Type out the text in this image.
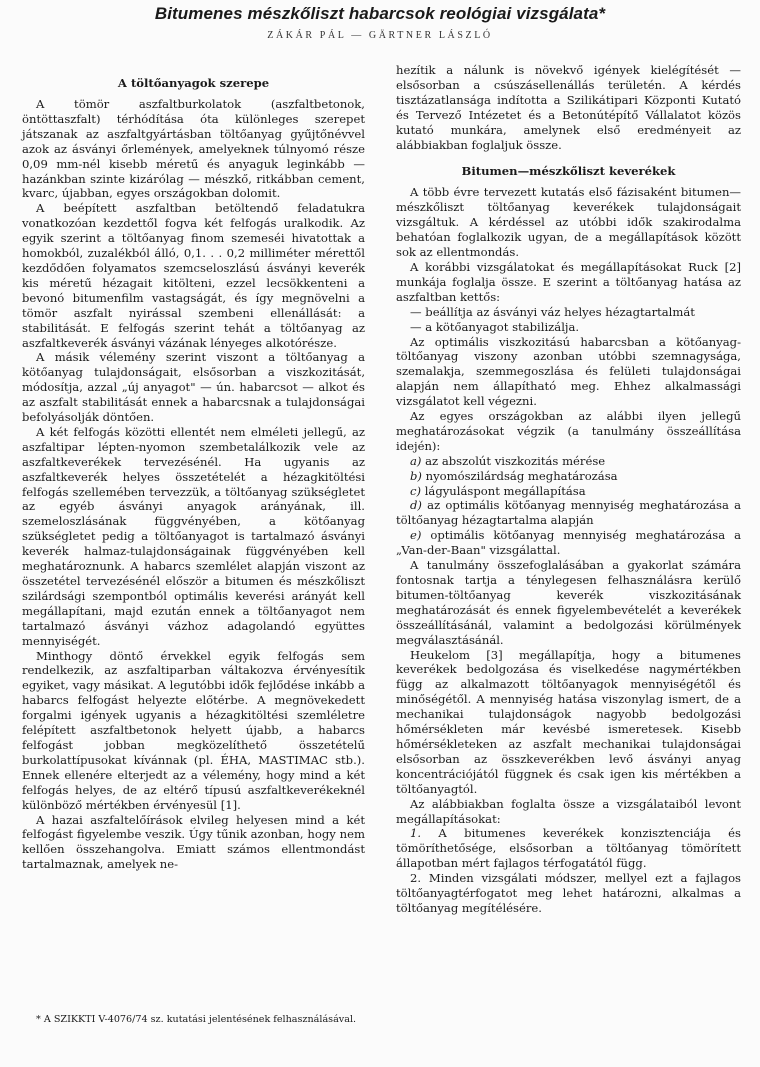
Bitumenes mészkőliszt habarcsok reológiai vizsgálata*
ZÁKÁR PÁL — GÄRTNER LÁSZLÓ
A töltőanyagok szerepe

A tömör aszfaltburkolatok (aszfaltbetonok, öntöttaszfalt) térhódítása óta különleges szerepet játszanak az aszfaltgyártásban töltőanyag gyűjtőnévvel azok az ásványi őrlemények, amelyeknek túlnyomó része 0,09 mm-nél kisebb méretű és anyaguk leginkább — hazánkban szinte kizárólag — mészkő, ritkábban cement, kvarc, újabban, egyes országokban dolomit.

A beépített aszfaltban betöltendő feladatukra vonatkozóan kezdettől fogva két felfogás uralkodik. Az egyik szerint a töltőanyag finom szemeséi hivatottak a homokból, zuzalékból álló, 0,1. . . 0,2 milliméter mérettől kezdődően folyamatos szemcseloszlású ásványi keverék kis méretű hézagait kitölteni, ezzel lecsökkenteni a bevonó bitumenfilm vastagságát, és így megnövelni a tömör aszfalt nyirással szembeni ellenállását: a stabilitását. E felfogás szerint tehát a töltőanyag az aszfaltkeverék ásványi vázának lényeges alkotórésze.

A másik vélemény szerint viszont a töltőanyag a kötőanyag tulajdonságait, elsősorban a viszkozitását, módosítja, azzal „új anyagot" — ún. habarcsot — alkot és az aszfalt stabilitását ennek a habarcsnak a tulajdonságai befolyásolják döntően.

A két felfogás közötti ellentét nem elméleti jellegű, az aszfaltipar lépten-nyomon szembetalálkozik vele az aszfaltkeverékek tervezésénél. Ha ugyanis az aszfaltkeverék helyes összetételét a hézagkitöltési felfogás szellemében tervezzük, a töltőanyag szükségletet az egyéb ásványi anyagok arányának, ill. szemeloszlásának függvényében, a kötőanyag szükségletet pedig a töltőanyagot is tartalmazó ásványi keverék halmaz-tulajdonságainak függvényében kell meghatároznunk. A habarcs szemlélet alapján viszont az összetétel tervezésénél először a bitumen és mészkőliszt szilárdsági szempontból optimális keverési arányát kell megállapítani, majd ezután ennek a töltőanyagot nem tartalmazó ásványi vázhoz adagolandó együttes mennyiségét.

Minthogy döntő érvekkel egyik felfogás sem rendelkezik, az aszfaltiparban váltakozva érvényesítik egyiket, vagy másikat. A legutóbbi idők fejlődése inkább a habarcs felfogást helyezte előtérbe. A megnövekedett forgalmi igények ugyanis a hézagkitöltési szemléletre felépített aszfaltbetonok helyett újabb, a habarcs felfogást jobban megközelíthető összetételű burkolattípusokat kívánnak (pl. ÉHA, MASTIMAC stb.). Ennek ellenére elterjedt az a vélemény, hogy mind a két felfogás helyes, de az eltérő típusú aszfaltkeverékeknél különböző mértékben érvényesül [1].

A hazai aszfaltelőírások elvileg helyesen mind a két felfogást figyelembe veszik. Úgy tűnik azonban, hogy nem kellően összehangolva. Emiatt számos ellentmondást tartalmaznak, amelyek ne-

* A SZIKKTI V-4076/74 sz. kutatási jelentésének felhasználásával.

hezítik a nálunk is növekvő igények kielégítését — elsősorban a csúszásellenállás területén. A kérdés tisztázatlansága indította a Szilikátipari Központi Kutató és Tervező Intézetet és a Betonútépítő Vállalatot közös kutató munkára, amelynek első eredményeit az alábbiakban foglaljuk össze.

Bitumen—mészkőliszt keverékek

A több évre tervezett kutatás első fázisaként bitumen—mészkőliszt töltőanyag keverékek tulajdonságait vizsgáltuk. A kérdéssel az utóbbi idők szakirodalma behatóan foglalkozik ugyan, de a megállapítások között sok az ellentmondás.

A korábbi vizsgálatokat és megállapításokat Ruck [2] munkája foglalja össze. E szerint a töltőanyag hatása az aszfaltban kettős:

— beállítja az ásványi váz helyes hézagtartalmát

— a kötőanyagot stabilizálja.

Az optimális viszkozitású habarcsban a kötőanyag-töltőanyag viszony azonban utóbbi szemnagysága, szemalakja, szemmegoszlása és felületi tulajdonságai alapján nem állapítható meg. Ehhez alkalmassági vizsgálatot kell végezni.

Az egyes országokban az alábbi ilyen jellegű meghatározásokat végzik (a tanulmány összeállítása idején):

a) az abszolút viszkozitás mérése

b) nyomószilárdság meghatározása

c) lágyuláspont megállapítása

d) az optimális kötőanyag mennyiség meghatározása a töltőanyag hézagtartalma alapján

e) optimális kötőanyag mennyiség meghatározása a „Van-der-Baan" vizsgálattal.

A tanulmány összefoglalásában a gyakorlat számára fontosnak tartja a ténylegesen felhasználásra kerülő bitumen-töltőanyag keverék viszkozitásának meghatározását és ennek figyelembevételét a keverékek összeállításánál, valamint a bedolgozási körülmények megválasztásánál.

Heukelom [3] megállapítja, hogy a bitumenes keverékek bedolgozása és viselkedése nagymértékben függ az alkalmazott töltőanyagok mennyiségétől és minőségétől. A mennyiség hatása viszonylag ismert, de a mechanikai tulajdonságok nagyobb bedolgozási hőmérsékleten már kevésbé ismeretesek. Kisebb hőmérsékleteken az aszfalt mechanikai tulajdonságai elsősorban az összkeverékben levő ásványi anyag koncentrációjától függnek és csak igen kis mértékben a töltőanyagtól.

Az alábbiakban foglalta össze a vizsgálataiból levont megállapításokat:

1. A bitumenes keverékek konzisztenciája és tömöríthetősége, elsősorban a töltőanyag tömörített állapotban mért fajlagos térfogatától függ.

2. Minden vizsgálati módszer, mellyel ezt a fajlagos töltőanyagtérfogatot meg lehet határozni, alkalmas a töltőanyag megítélésére.
